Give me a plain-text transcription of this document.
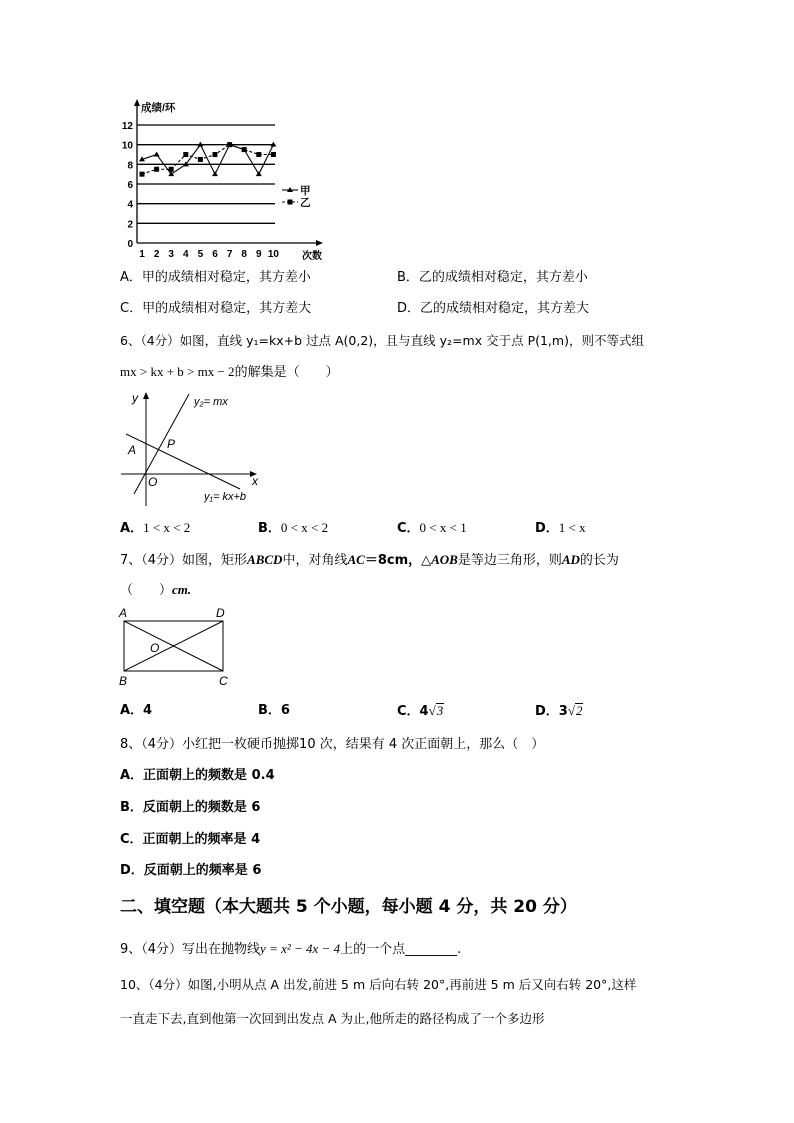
0
2
4
6
8
10
12
成绩/环
次数
1 2 3 4 5 6 7 8 9 10
甲
乙
A．甲的成绩相对稳定，其方差小	B．乙的成绩相对稳定，其方差小
C．甲的成绩相对稳定，其方差大	D．乙的成绩相对稳定，其方差大
6、（4分）如图，直线 y₁=kx+b 过点 A(0,2)，且与直线 y₂=mx 交于点 P(1,m)，则不等式组
mx > kx + b > mx − 2的解集是（　　）
y
x
O
A	P
y₂= mx
y₁= kx+b
A．1 < x < 2	B．0 < x < 2	C．0 < x < 1	D．1 < x
7、（4分）如图，矩形ABCD中，对角线AC＝8cm，△AOB是等边三角形，则AD的长为
（　　）cm.
A	D
O
B	C
A．4	B．6	C．4√3	D．3√2
8、（4分）小红把一枚硬币抛掷10 次，结果有 4 次正面朝上，那么（　）
A．正面朝上的频数是 0.4
B．反面朝上的频数是 6
C．正面朝上的频率是 4
D．反面朝上的频率是 6
二、填空题（本大题共 5 个小题，每小题 4 分，共 20 分）
9、（4分）写出在抛物线y = x² − 4x − 4上的一个点________.
10、（4分）如图,小明从点 A 出发,前进 5 m 后向右转 20°,再前进 5 m 后又向右转 20°,这样
一直走下去,直到他第一次回到出发点 A 为止,他所走的路径构成了一个多边形
